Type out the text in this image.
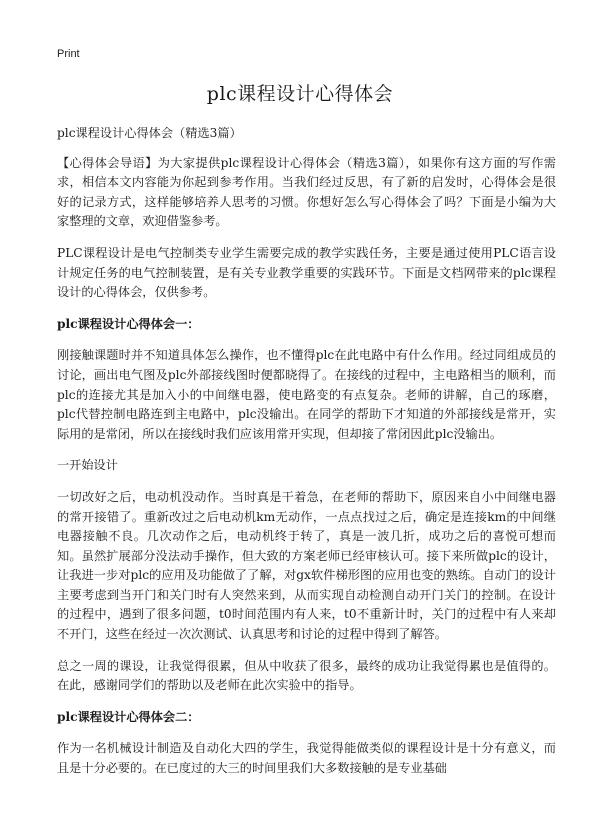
Print
plc课程设计心得体会

plc课程设计心得体会（精选3篇）

【心得体会导语】为大家提供plc课程设计心得体会（精选3篇），如果你有这方面的写作需求，相信本文内容能为你起到参考作用。当我们经过反思，有了新的启发时，心得体会是很好的记录方式，这样能够培养人思考的习惯。你想好怎么写心得体会了吗？下面是小编为大家整理的文章，欢迎借鉴参考。

PLC课程设计是电气控制类专业学生需要完成的教学实践任务，主要是通过使用PLC语言设计规定任务的电气控制装置，是有关专业教学重要的实践环节。下面是文档网带来的plc课程设计的心得体会，仅供参考。

plc课程设计心得体会一：

刚接触课题时并不知道具体怎么操作，也不懂得plc在此电路中有什么作用。经过同组成员的讨论，画出电气图及plc外部接线图时便都晓得了。在接线的过程中，主电路相当的顺利，而plc的连接尤其是加入小的中间继电器，使电路变的有点复杂。老师的讲解，自己的琢磨，plc代替控制电路连到主电路中，plc没输出。在同学的帮助下才知道的外部接线是常开，实际用的是常闭，所以在接线时我们应该用常开实现，但却接了常闭因此plc没输出。

一开始设计

一切改好之后，电动机没动作。当时真是干着急，在老师的帮助下，原因来自小中间继电器的常开接错了。重新改过之后电动机km无动作，一点点找过之后，确定是连接km的中间继电器接触不良。几次动作之后，电动机终于转了，真是一波几折，成功之后的喜悦可想而知。虽然扩展部分没法动手操作，但大致的方案老师已经审核认可。接下来所做plc的设计，让我进一步对plc的应用及功能做了了解，对gx软件梯形图的应用也变的熟练。自动门的设计主要考虑到当开门和关门时有人突然来到，从而实现自动检测自动开门关门的控制。在设计的过程中，遇到了很多问题，t0时间范围内有人来，t0不重新计时，关门的过程中有人来却不开门，这些在经过一次次测试、认真思考和讨论的过程中得到了解答。

总之一周的课设，让我觉得很累，但从中收获了很多，最终的成功让我觉得累也是值得的。在此，感谢同学们的帮助以及老师在此次实验中的指导。

plc课程设计心得体会二：

作为一名机械设计制造及自动化大四的学生，我觉得能做类似的课程设计是十分有意义，而且是十分必要的。在已度过的大三的时间里我们大多数接触的是专业基础
